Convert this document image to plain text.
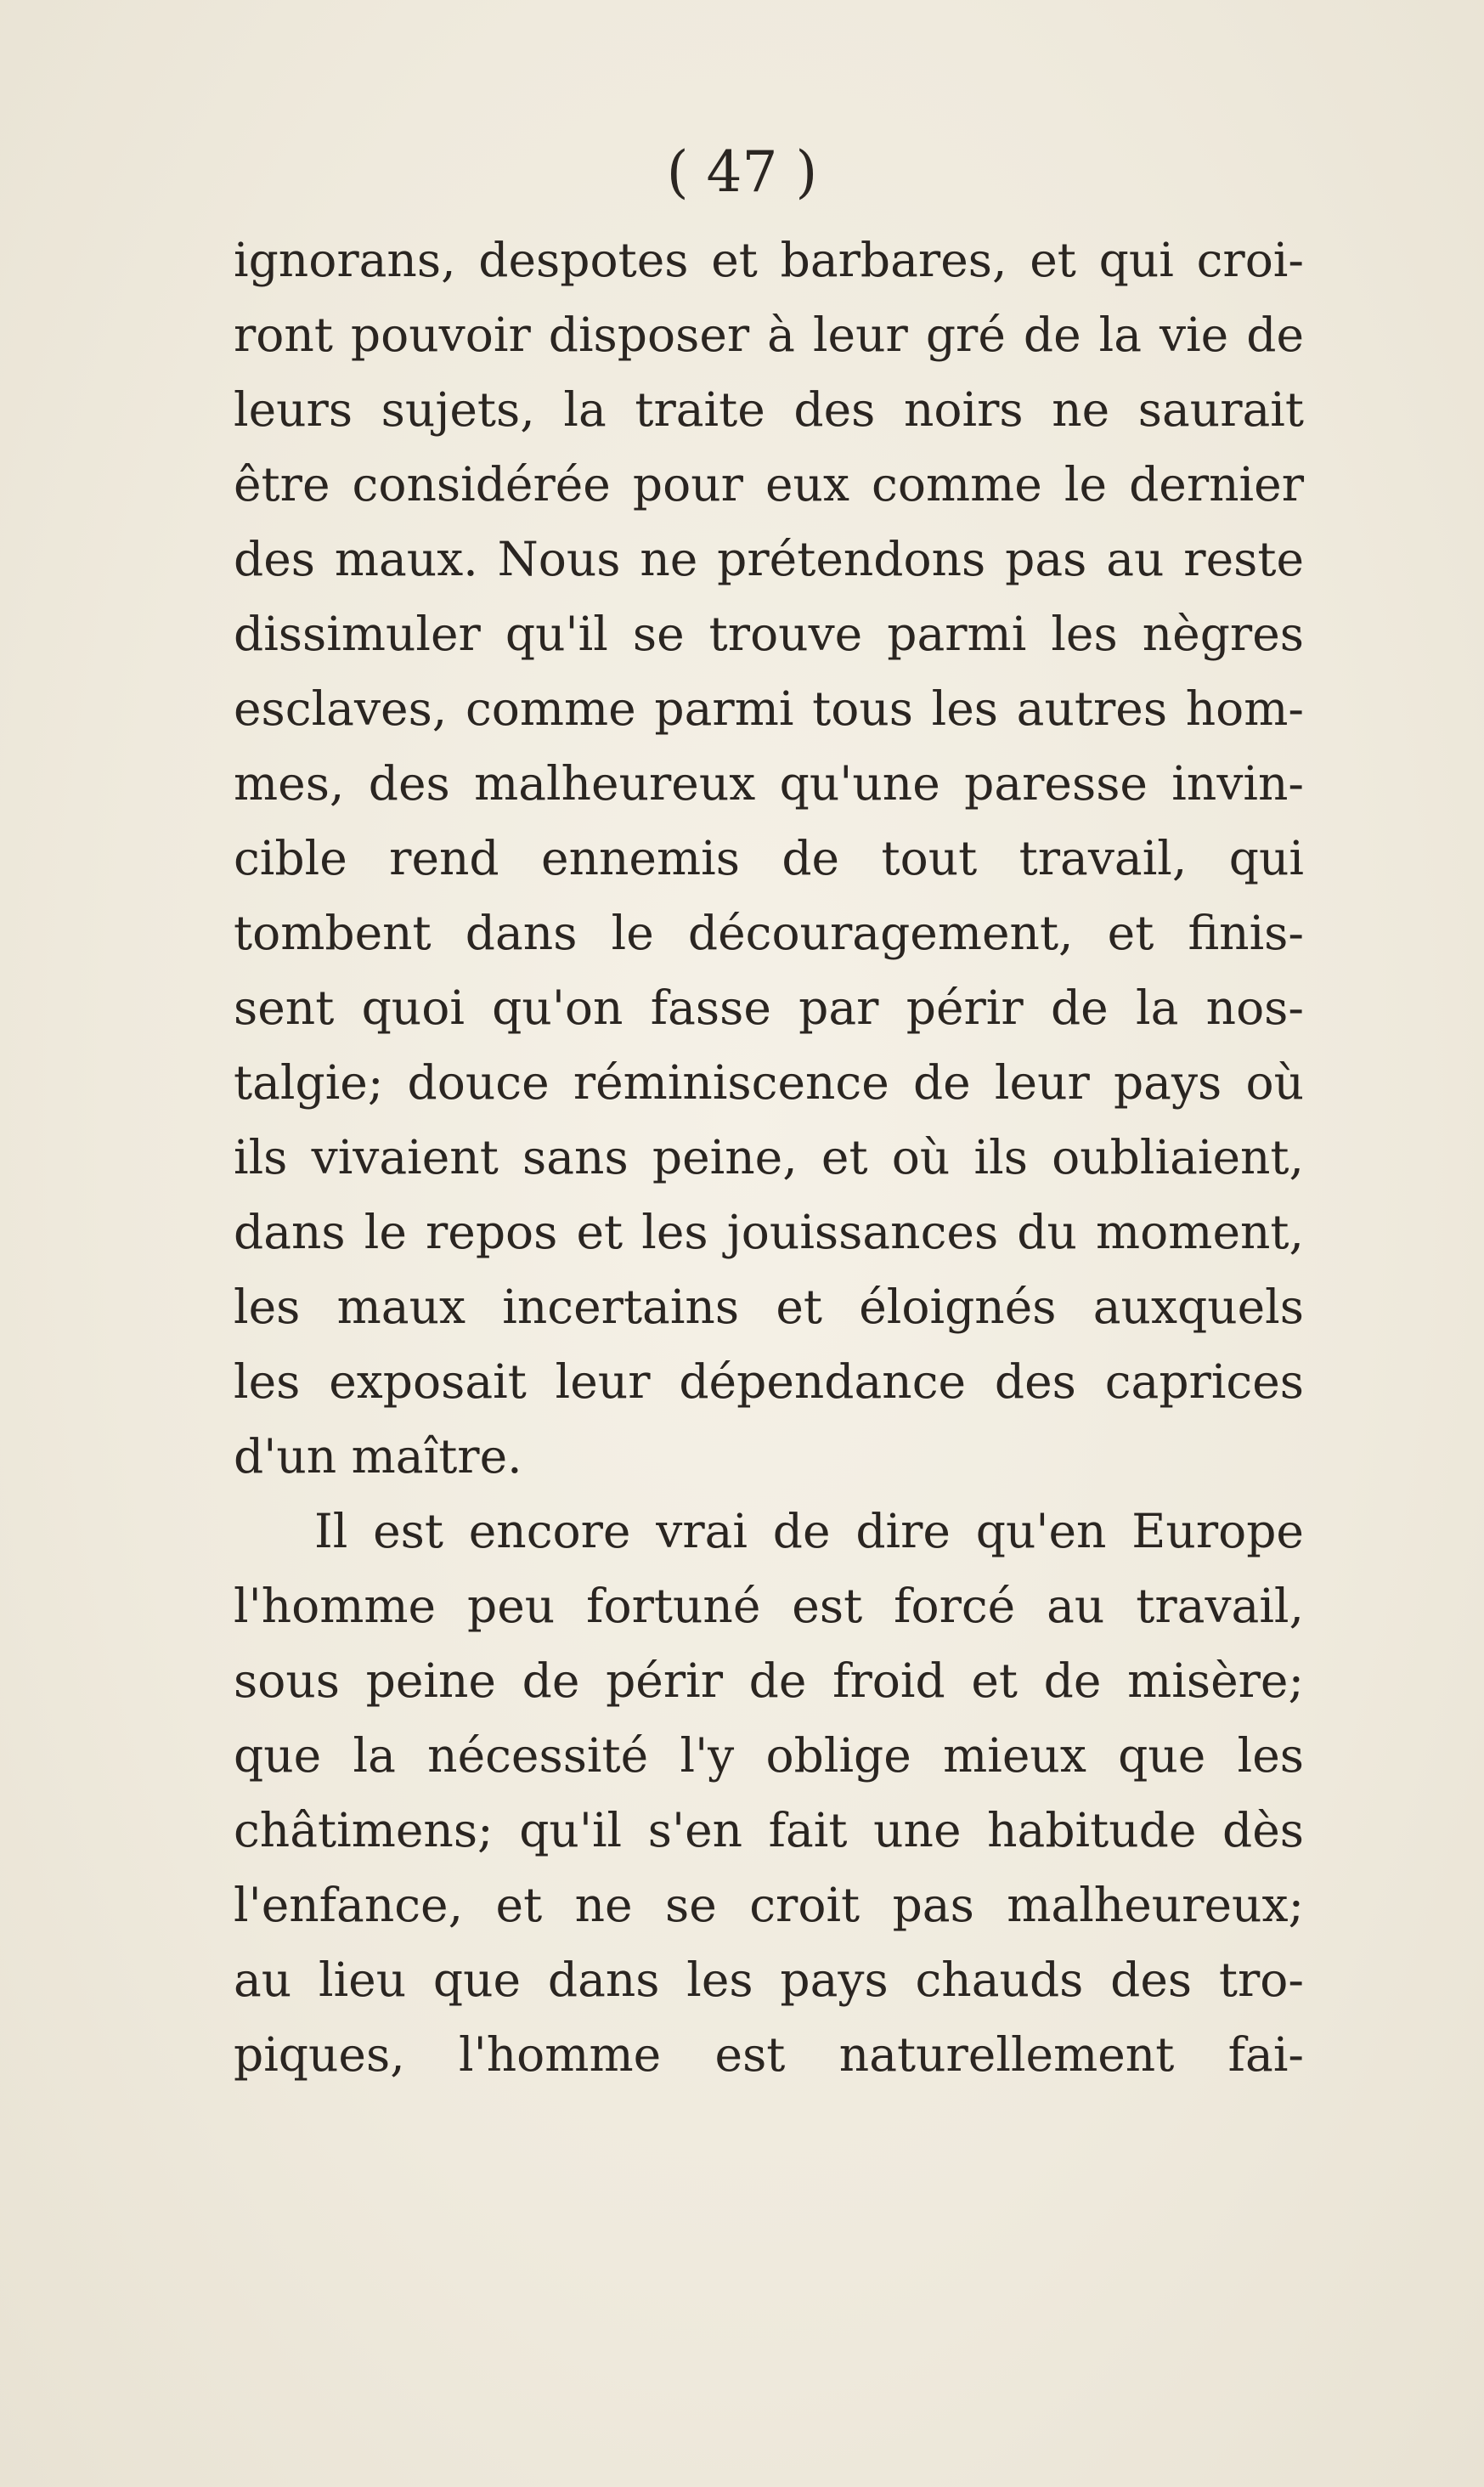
( 47 )
ignorans, despotes et barbares, et qui croi-
ront pouvoir disposer à leur gré de la vie de
leurs sujets, la traite des noirs ne saurait
être considérée pour eux comme le dernier
des maux. Nous ne prétendons pas au reste
dissimuler qu'il se trouve parmi les nègres
esclaves, comme parmi tous les autres hom-
mes, des malheureux qu'une paresse invin-
cible rend ennemis de tout travail, qui
tombent dans le découragement, et finis-
sent quoi qu'on fasse par périr de la nos-
talgie; douce réminiscence de leur pays où
ils vivaient sans peine, et où ils oubliaient,
dans le repos et les jouissances du moment,
les maux incertains et éloignés auxquels
les exposait leur dépendance des caprices
d'un maître.
Il est encore vrai de dire qu'en Europe
l'homme peu fortuné est forcé au travail,
sous peine de périr de froid et de misère;
que la nécessité l'y oblige mieux que les
châtimens; qu'il s'en fait une habitude dès
l'enfance, et ne se croit pas malheureux;
au lieu que dans les pays chauds des tro-
piques, l'homme est naturellement fai-
